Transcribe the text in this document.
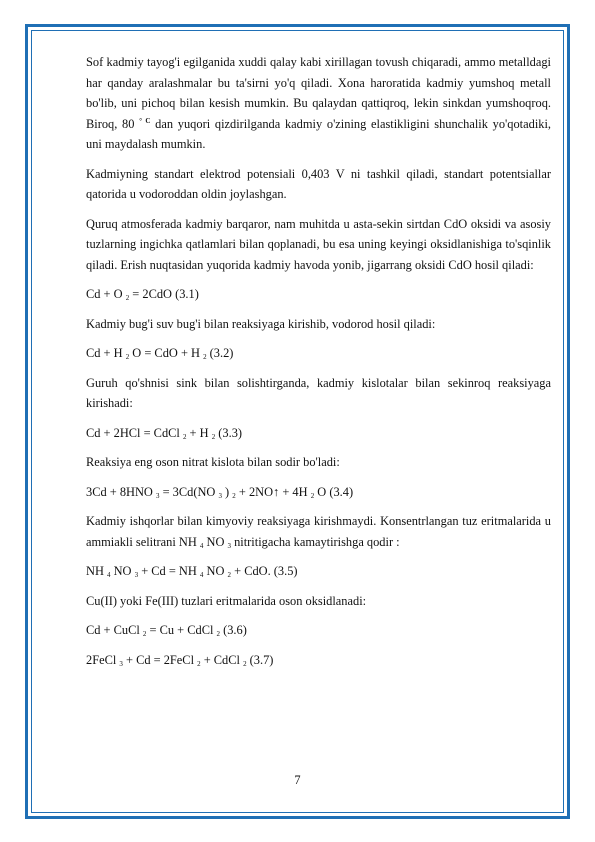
Sof kadmiy tayog'i egilganida xuddi qalay kabi xirillagan tovush chiqaradi, ammo metalldagi har qanday aralashmalar bu ta'sirni yo'q qiladi. Xona haroratida kadmiy yumshoq metall bo'lib, uni pichoq bilan kesish mumkin. Bu qalaydan qattiqroq, lekin sinkdan yumshoqroq. Biroq, 80 $^{^\circ C}$ dan yuqori qizdirilganda kadmiy o'zining elastikligini shunchalik yo'qotadiki, uni maydalash mumkin.

Kadmiyning standart elektrod potensiali 0,403 V ni tashkil qiladi, standart potentsiallar qatorida u vodoroddan oldin joylashgan.

Quruq atmosferada kadmiy barqaror, nam muhitda u asta-sekin sirtdan CdO oksidi va asosiy tuzlarning ingichka qatlamlari bilan qoplanadi, bu esa uning keyingi oksidlanishiga to'sqinlik qiladi. Erish nuqtasidan yuqorida kadmiy havoda yonib, jigarrang oksidi CdO hosil qiladi:

Cd + O $_2$ = 2CdO (3.1)

Kadmiy bug'i suv bug'i bilan reaksiyaga kirishib, vodorod hosil qiladi:

Cd + H $_2$ O = CdO + H $_2$ (3.2)

Guruh qo'shnisi sink bilan solishtirganda, kadmiy kislotalar bilan sekinroq reaksiyaga kirishadi:

Cd + 2HCl = CdCl $_2$ + H $_2$ (3.3)

Reaksiya eng oson nitrat kislota bilan sodir bo'ladi:

3Cd + 8HNO $_3$ = 3Cd(NO $_3$ ) $_2$ + 2NO↑ + 4H $_2$ O (3.4)

Kadmiy ishqorlar bilan kimyoviy reaksiyaga kirishmaydi. Konsentrlangan tuz eritmalarida u ammiakli selitrani NH $_4$ NO $_3$ nitritigacha kamaytirishga qodir :

NH $_4$ NO $_3$ + Cd = NH $_4$ NO $_2$ + CdO. (3.5)

Cu(II) yoki Fe(III) tuzlari eritmalarida oson oksidlanadi:

Cd + CuCl $_2$ = Cu + CdCl $_2$ (3.6)

2FeCl $_3$ + Cd = 2FeCl $_2$ + CdCl $_2$ (3.7)

7
